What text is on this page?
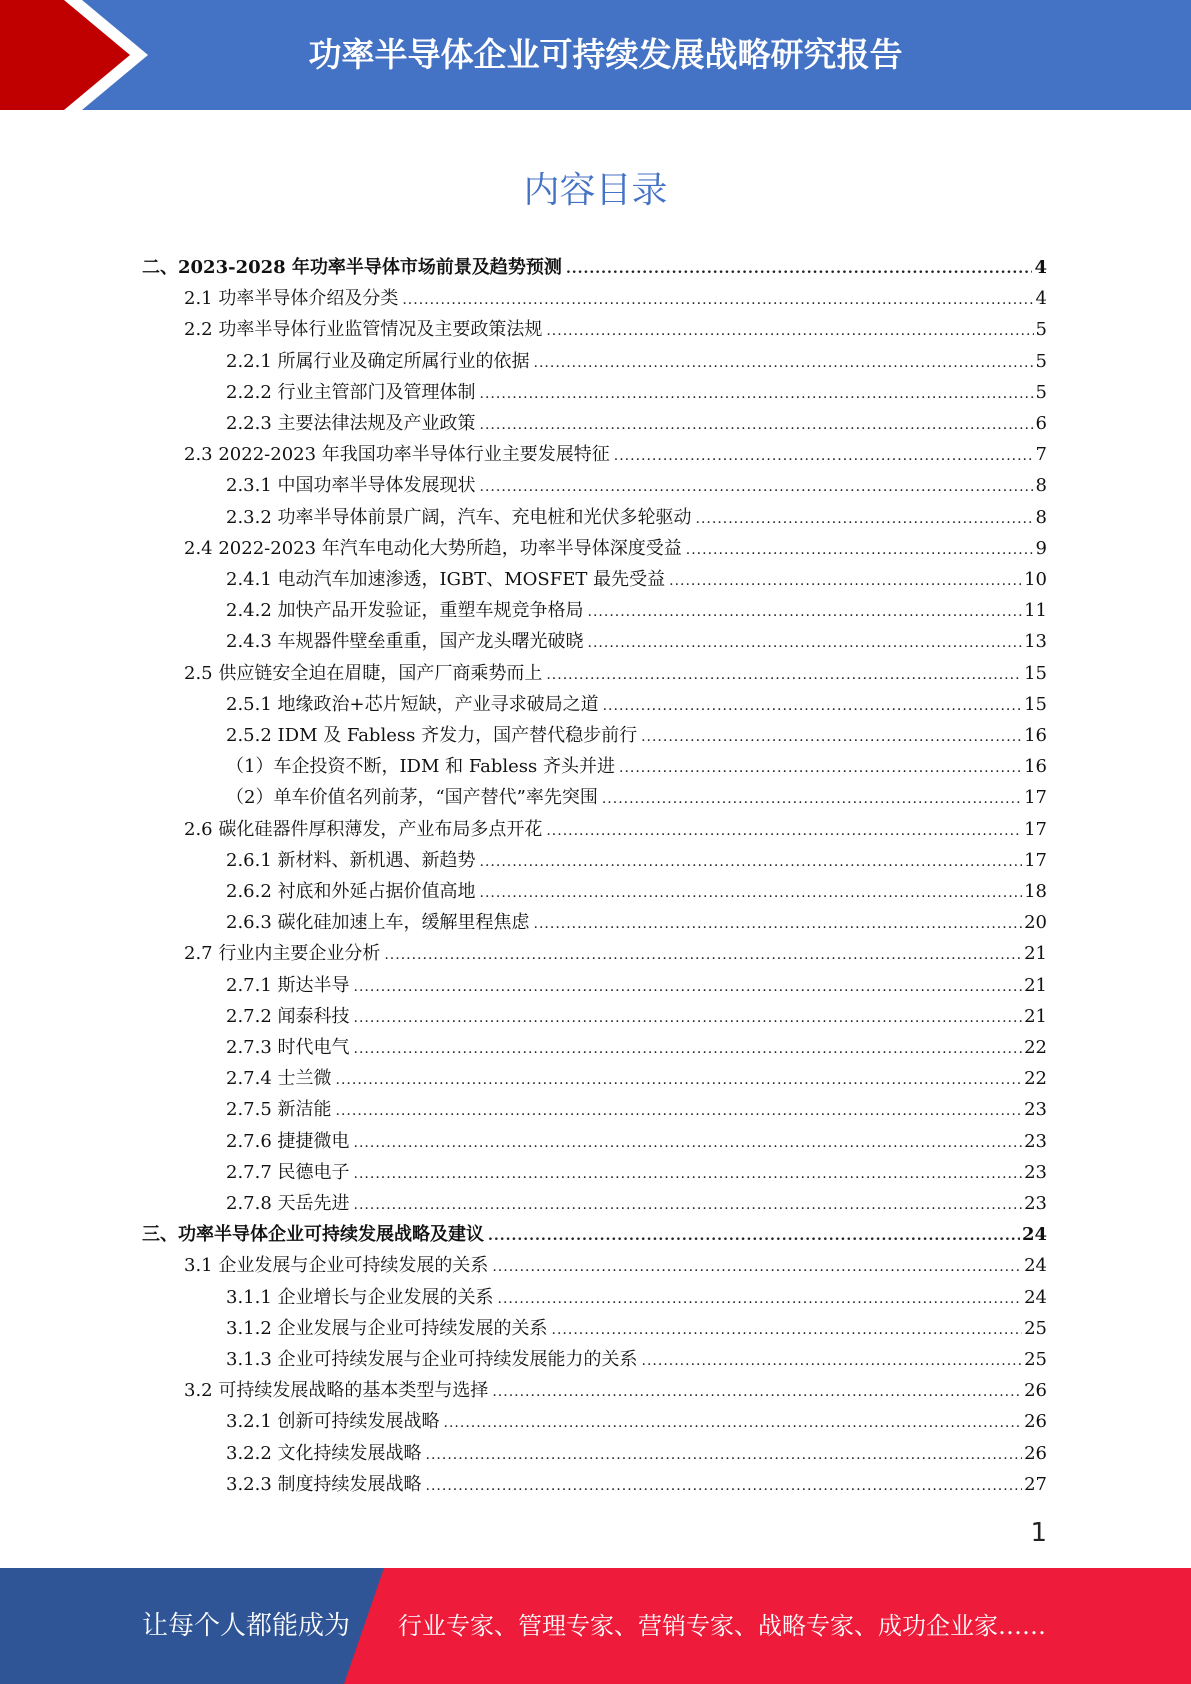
功率半导体企业可持续发展战略研究报告
内容目录
二、2023-2028 年功率半导体市场前景及趋势预测 .....	4
2.1 功率半导体介绍及分类 .....	4
2.2 功率半导体行业监管情况及主要政策法规 .....	5
2.2.1 所属行业及确定所属行业的依据 .....	5
2.2.2 行业主管部门及管理体制 .....	5
2.2.3 主要法律法规及产业政策 .....	6
2.3 2022-2023 年我国功率半导体行业主要发展特征 .....	7
2.3.1 中国功率半导体发展现状 .....	8
2.3.2 功率半导体前景广阔，汽车、充电桩和光伏多轮驱动 .....	8
2.4 2022-2023 年汽车电动化大势所趋，功率半导体深度受益 .....	9
2.4.1 电动汽车加速渗透，IGBT、MOSFET 最先受益 .....	10
2.4.2 加快产品开发验证，重塑车规竞争格局 .....	11
2.4.3 车规器件壁垒重重，国产龙头曙光破晓 .....	13
2.5 供应链安全迫在眉睫，国产厂商乘势而上 .....	15
2.5.1 地缘政治+芯片短缺，产业寻求破局之道 .....	15
2.5.2 IDM 及 Fabless 齐发力，国产替代稳步前行 .....	16
（1）车企投资不断，IDM 和 Fabless 齐头并进 .....	16
（2）单车价值名列前茅，“国产替代”率先突围 .....	17
2.6 碳化硅器件厚积薄发，产业布局多点开花 .....	17
2.6.1 新材料、新机遇、新趋势 .....	17
2.6.2 衬底和外延占据价值高地 .....	18
2.6.3 碳化硅加速上车，缓解里程焦虑 .....	20
2.7 行业内主要企业分析 .....	21
2.7.1 斯达半导 .....	21
2.7.2 闻泰科技 .....	21
2.7.3 时代电气 .....	22
2.7.4 士兰微 .....	22
2.7.5 新洁能 .....	23
2.7.6 捷捷微电 .....	23
2.7.7 民德电子 .....	23
2.7.8 天岳先进 .....	23
三、功率半导体企业可持续发展战略及建议 .....	24
3.1 企业发展与企业可持续发展的关系 .....	24
3.1.1 企业增长与企业发展的关系 .....	24
3.1.2 企业发展与企业可持续发展的关系 .....	25
3.1.3 企业可持续发展与企业可持续发展能力的关系 .....	25
3.2 可持续发展战略的基本类型与选择 .....	26
3.2.1 创新可持续发展战略 .....	26
3.2.2 文化持续发展战略 .....	26
3.2.3 制度持续发展战略 .....	27
1
让每个人都能成为 行业专家、管理专家、营销专家、战略专家、成功企业家……
